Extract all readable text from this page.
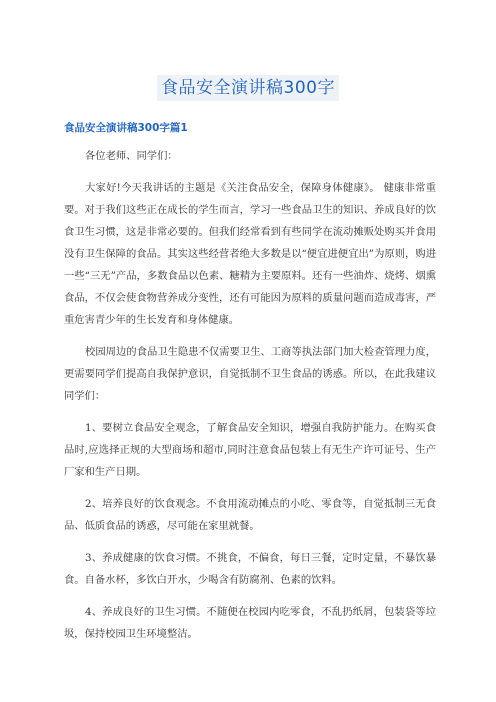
食品安全演讲稿300字

食品安全演讲稿300字篇1

各位老师、同学们：

大家好!今天我讲话的主题是《关注食品安全，保障身体健康》。 健康非常重要。对于我们这些正在成长的学生而言，学习一些食品卫生的知识、养成良好的饮食卫生习惯，这是非常必要的。但我们经常看到有些同学在流动摊贩处购买并食用没有卫生保障的食品。其实这些经营者绝大多数是以“便宜进便宜出”为原则，购进一些“三无”产品，多数食品以色素、糖精为主要原料。还有一些油炸、烧烤、烟熏食品，不仅会使食物营养成分变性，还有可能因为原料的质量问题而造成毒害，严重危害青少年的生长发育和身体健康。

校园周边的食品卫生隐患不仅需要卫生、工商等执法部门加大检查管理力度，更需要同学们提高自我保护意识，自觉抵制不卫生食品的诱惑。所以，在此我建议同学们：

1、要树立食品安全观念，了解食品安全知识，增强自我防护能力。在购买食品时,应选择正规的大型商场和超市,同时注意食品包装上有无生产许可证号、生产厂家和生产日期。

2、培养良好的饮食观念。不食用流动摊点的小吃、零食等，自觉抵制三无食品、低质食品的诱惑，尽可能在家里就餐。

3、养成健康的饮食习惯。不挑食，不偏食，每日三餐，定时定量，不暴饮暴食。自备水杯，多饮白开水，少喝含有防腐剂、色素的饮料。

4、养成良好的卫生习惯。不随便在校园内吃零食，不乱扔纸屑，包装袋等垃圾，保持校园卫生环境整洁。
